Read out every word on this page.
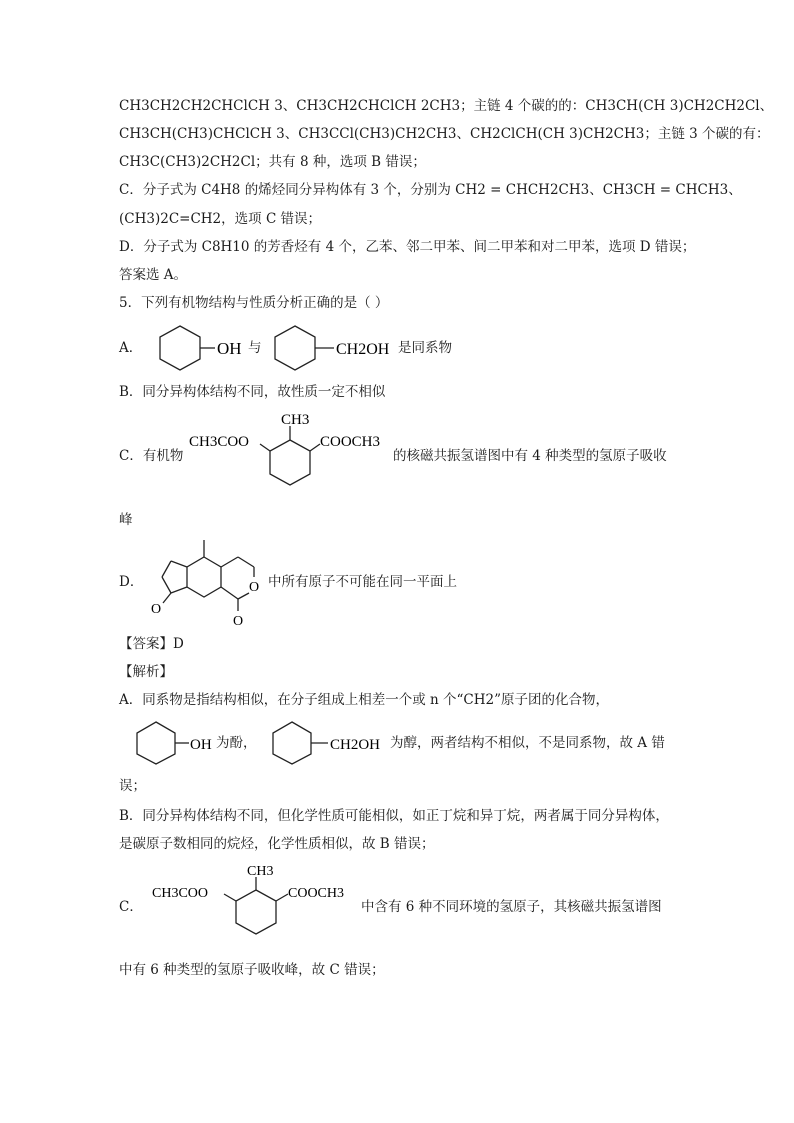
CH3CH2CH2CHClCH 3、CH3CH2CHClCH 2CH3；主链 4 个碳的的：CH3CH(CH 3)CH2CH2Cl、
CH3CH(CH3)CHClCH 3、CH3CCl(CH3)CH2CH3、CH2ClCH(CH 3)CH2CH3；主链 3 个碳的有：
CH3C(CH3)2CH2Cl；共有 8 种，选项 B 错误；
C．分子式为 C4H8 的烯烃同分异构体有 3 个，分别为 CH2 = CHCH2CH3、CH3CH = CHCH3、
(CH3)2C=CH2，选项 C 错误；
D．分子式为 C8H10 的芳香烃有 4 个，乙苯、邻二甲苯、间二甲苯和对二甲苯，选项 D 错误；
答案选 A。
5．下列有机物结构与性质分析正确的是（ ）
A．	OH 与	CH2OH 是同系物
B．同分异构体结构不同，故性质一定不相似
C．有机物
CH3
CH3COO	COOCH3
的核磁共振氢谱图中有 4 种类型的氢原子吸收
峰
D．
O
O
O
中所有原子不可能在同一平面上
【答案】D
【解析】
A．同系物是指结构相似，在分子组成上相差一个或 n 个“CH2”原子团的化合物，
OH 为酚，	CH2OH 为醇，两者结构不相似，不是同系物，故 A 错
误；
B．同分异构体结构不同，但化学性质可能相似，如正丁烷和异丁烷，两者属于同分异构体，
是碳原子数相同的烷烃，化学性质相似，故 B 错误；
C．
CH3
CH3COO	COOCH3
中含有 6 种不同环境的氢原子，其核磁共振氢谱图
中有 6 种类型的氢原子吸收峰，故 C 错误；
